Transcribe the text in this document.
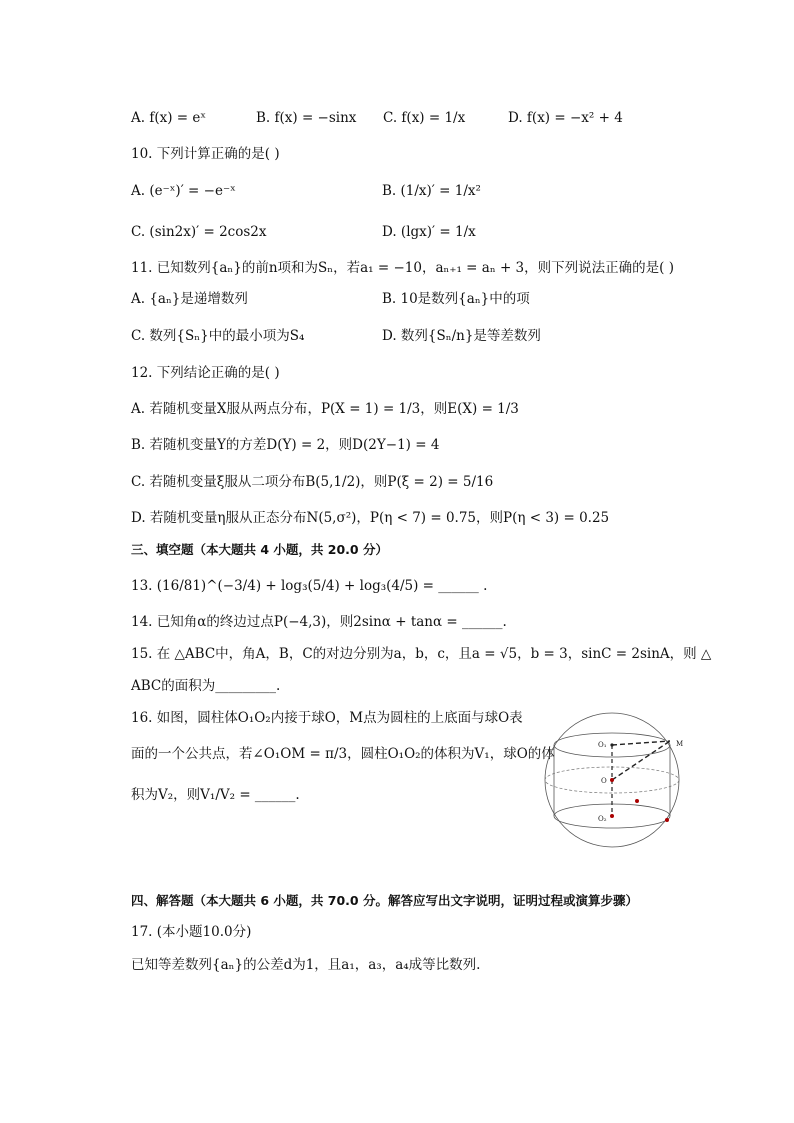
A. f(x) = eˣ	B. f(x) = −sinx C. f(x) = 1/x	D. f(x) = −x² + 4
10. 下列计算正确的是( )
A. (e⁻ˣ)′ = −e⁻ˣ	B. (1/x)′ = 1/x²
C. (sin2x)′ = 2cos2x	D. (lgx)′ = 1/x
11. 已知数列{aₙ}的前n项和为Sₙ，若a₁ = −10，aₙ₊₁ = aₙ + 3，则下列说法正确的是( )
A. {aₙ}是递增数列	B. 10是数列{aₙ}中的项
C. 数列{Sₙ}中的最小项为S₄	D. 数列{Sₙ/n}是等差数列
12. 下列结论正确的是( )
A. 若随机变量X服从两点分布，P(X = 1) = 1/3，则E(X) = 1/3
B. 若随机变量Y的方差D(Y) = 2，则D(2Y−1) = 4
C. 若随机变量ξ服从二项分布B(5,1/2)，则P(ξ = 2) = 5/16
D. 若随机变量η服从正态分布N(5,σ²)，P(η < 7) = 0.75，则P(η < 3) = 0.25
三、填空题（本大题共 4 小题，共 20.0 分）
13. (16/81)^(−3/4) + log₃(5/4) + log₃(4/5) = ______ .
14. 已知角α的终边过点P(−4,3)，则2sinα + tanα = ______.
15. 在 △ABC中，角A，B，C的对边分别为a，b，c，且a = √5，b = 3，sinC = 2sinA，则 △
ABC的面积为_________.
16. 如图，圆柱体O₁O₂内接于球O，M点为圆柱的上底面与球O表
面的一个公共点，若∠O₁OM = π/3，圆柱O₁O₂的体积为V₁，球O的体
积为V₂，则V₁/V₂ = ______.
O₁
O
O₂
M
四、解答题（本大题共 6 小题，共 70.0 分。解答应写出文字说明，证明过程或演算步骤）
17. (本小题10.0分)
已知等差数列{aₙ}的公差d为1，且a₁，a₃，a₄成等比数列.
